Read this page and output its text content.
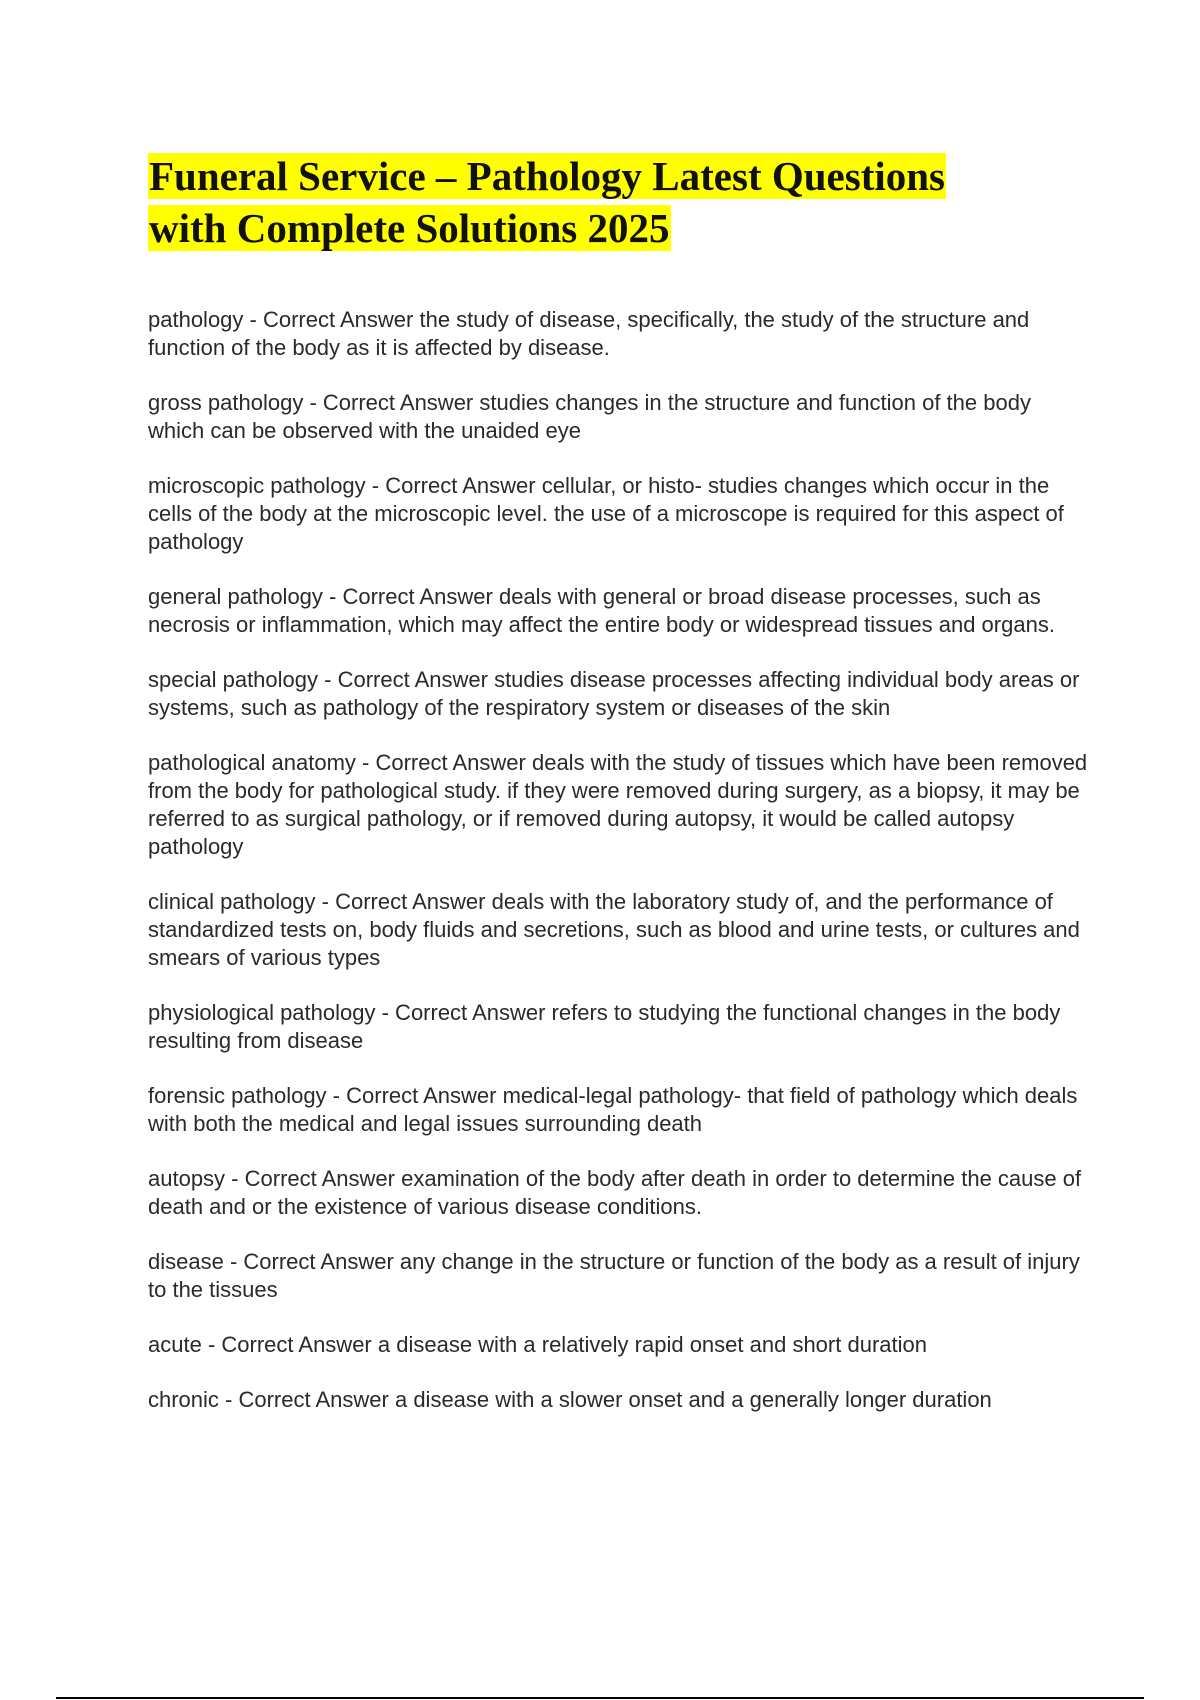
Funeral Service – Pathology Latest Questions
with Complete Solutions 2025
pathology - Correct Answer the study of disease, specifically, the study of the structure and function of the body as it is affected by disease.
gross pathology - Correct Answer studies changes in the structure and function of the body which can be observed with the unaided eye
microscopic pathology - Correct Answer cellular, or histo- studies changes which occur in the cells of the body at the microscopic level. the use of a microscope is required for this aspect of pathology
general pathology - Correct Answer deals with general or broad disease processes, such as necrosis or inflammation, which may affect the entire body or widespread tissues and organs.
special pathology - Correct Answer studies disease processes affecting individual body areas or systems, such as pathology of the respiratory system or diseases of the skin
pathological anatomy - Correct Answer deals with the study of tissues which have been removed from the body for pathological study. if they were removed during surgery, as a biopsy, it may be referred to as surgical pathology, or if removed during autopsy, it would be called autopsy pathology
clinical pathology - Correct Answer deals with the laboratory study of, and the performance of standardized tests on, body fluids and secretions, such as blood and urine tests, or cultures and smears of various types
physiological pathology - Correct Answer refers to studying the functional changes in the body resulting from disease
forensic pathology - Correct Answer medical-legal pathology- that field of pathology which deals with both the medical and legal issues surrounding death
autopsy - Correct Answer examination of the body after death in order to determine the cause of death and or the existence of various disease conditions.
disease - Correct Answer any change in the structure or function of the body as a result of injury to the tissues
acute - Correct Answer a disease with a relatively rapid onset and short duration
chronic - Correct Answer a disease with a slower onset and a generally longer duration
